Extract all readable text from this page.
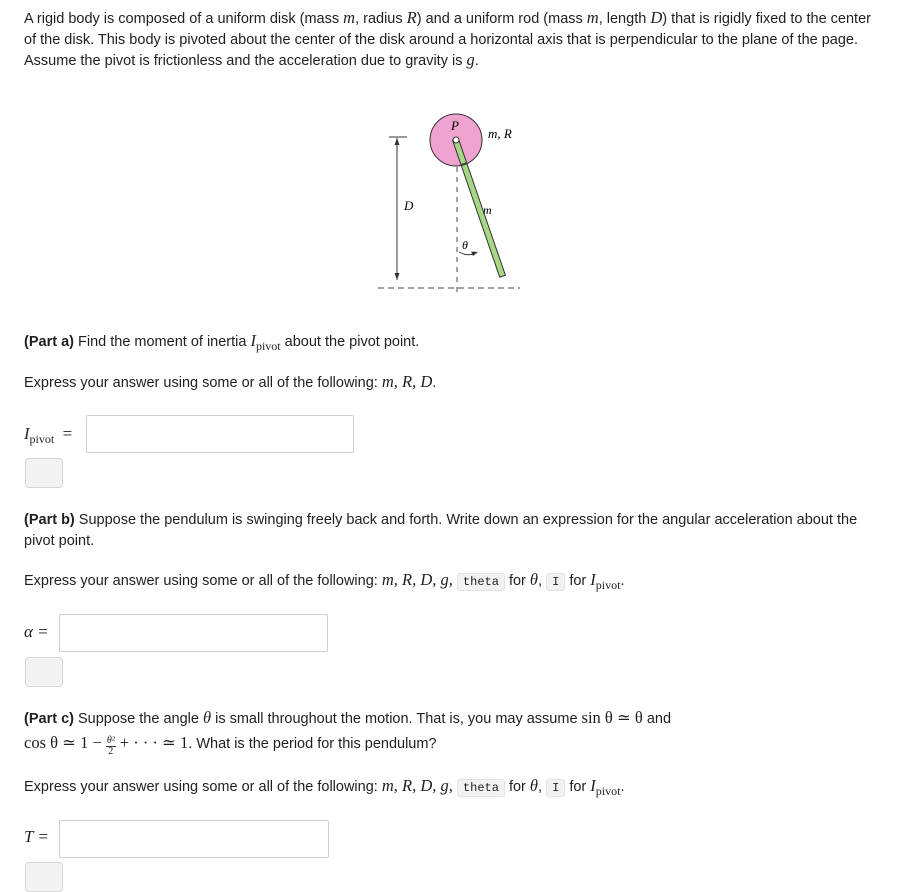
A rigid body is composed of a uniform disk (mass m, radius R) and a uniform rod (mass m, length D) that is rigidly fixed to the center of the disk. This body is pivoted about the center of the disk around a horizontal axis that is perpendicular to the plane of the page. Assume the pivot is frictionless and the acceleration due to gravity is g.
P
m, R
D	m
θ
(Part a) Find the moment of inertia $I_{pivot}$ about the pivot point.
Express your answer using some or all of the following: m, R, D.
$I_{pivot}$ =
(Part b) Suppose the pendulum is swinging freely back and forth. Write down an expression for the angular acceleration about the pivot point.
Express your answer using some or all of the following: m, R, D, g, theta for θ, I for $I_{pivot}$.
α =
(Part c) Suppose the angle θ is small throughout the motion. That is, you may assume sin θ ≃ θ and
cos θ ≃ $1 - \frac{\text{θ²}}{2}$ + · · · ≃ 1. What is the period for this pendulum?
Express your answer using some or all of the following: m, R, D, g, theta for θ, I for $I_{pivot}$.
T =
